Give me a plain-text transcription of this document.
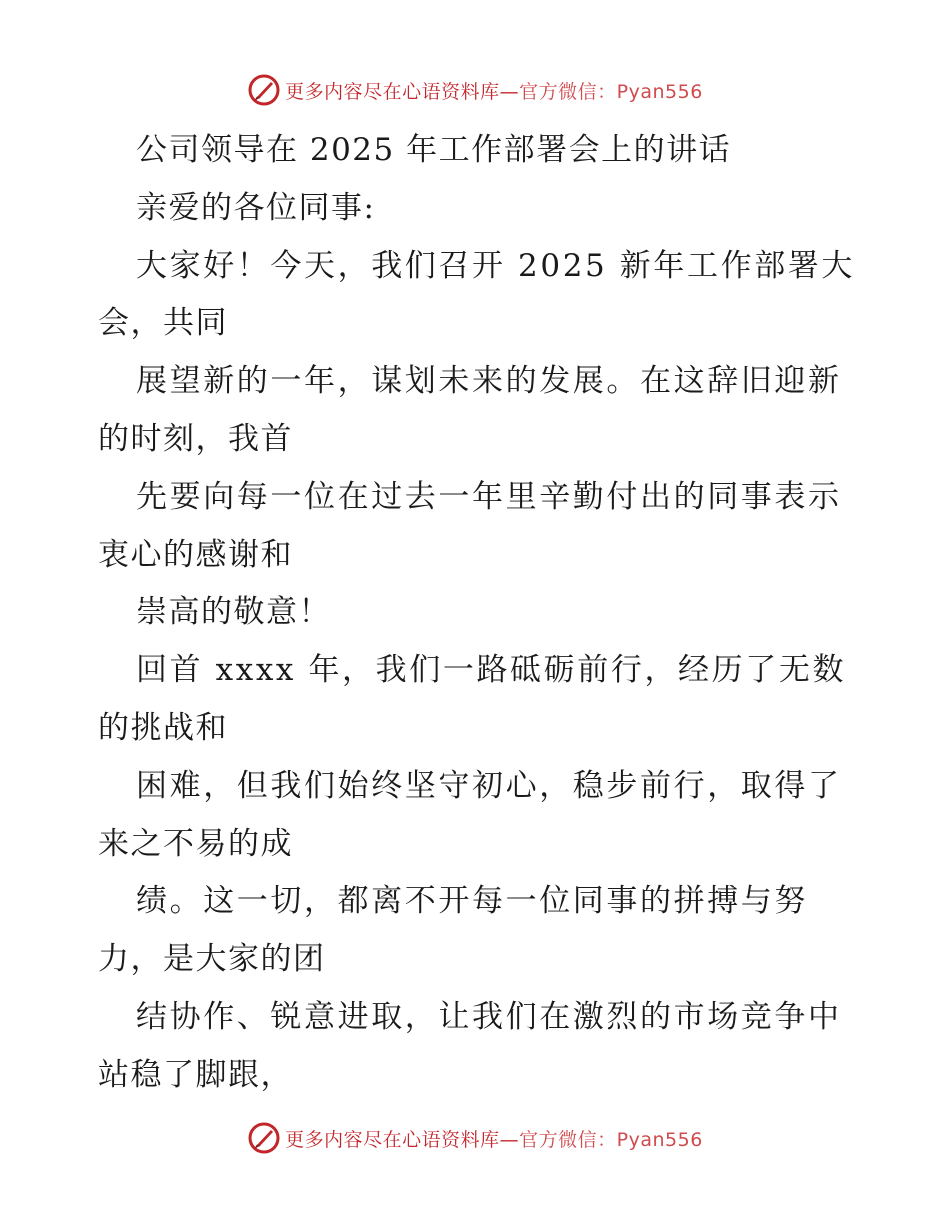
更多内容尽在心语资料库—官方微信：Pyan556
公司领导在 2025 年工作部署会上的讲话
亲爱的各位同事:
大家好！今天，我们召开 2025 新年工作部署大
会，共同
展望新的一年，谋划未来的发展。在这辞旧迎新
的时刻，我首
先要向每一位在过去一年里辛勤付出的同事表示
衷心的感谢和
崇高的敬意！
回首 xxxx 年，我们一路砥砺前行，经历了无数
的挑战和
困难，但我们始终坚守初心，稳步前行，取得了
来之不易的成
绩。这一切，都离不开每一位同事的拼搏与努
力，是大家的团
结协作、锐意进取，让我们在激烈的市场竞争中
站稳了脚跟，
更多内容尽在心语资料库—官方微信：Pyan556
